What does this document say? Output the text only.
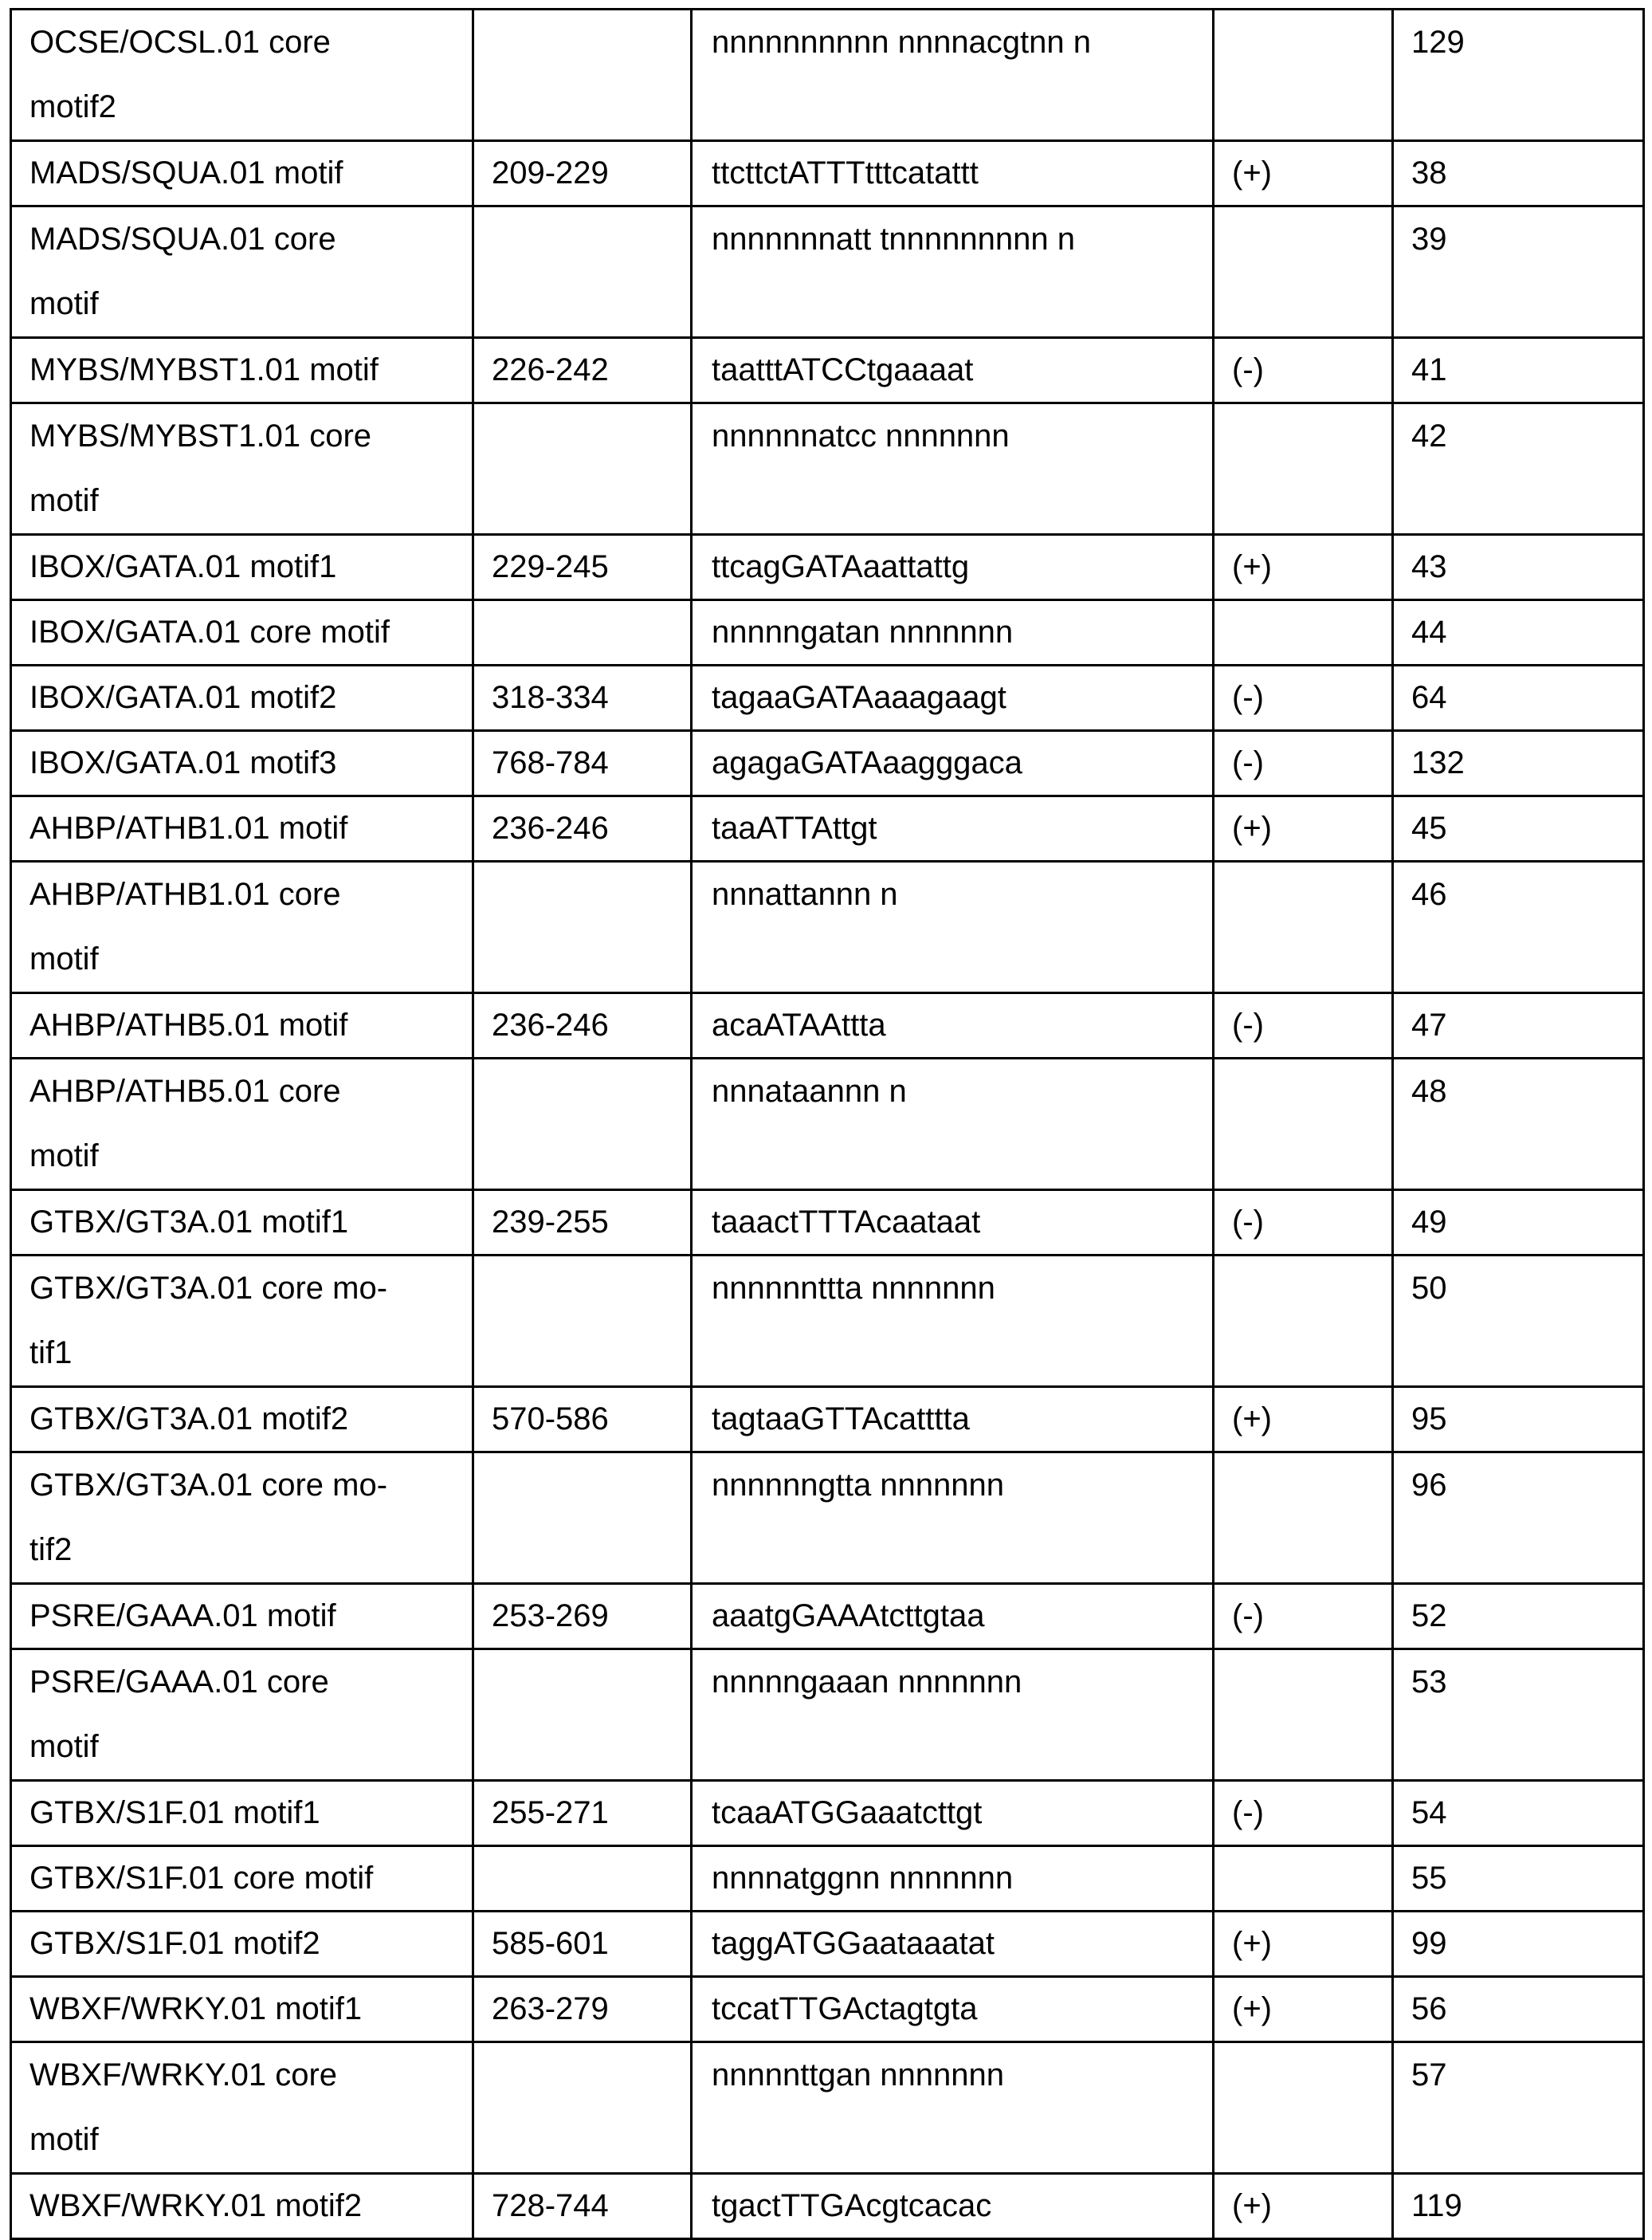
OCSE/OCSL.01 core
motif2		nnnnnnnnnn nnnnacgtnn n		129
MADS/SQUA.01 motif	209-229	ttcttctATTTtttcatattt	(+)	38
MADS/SQUA.01 core
motif		nnnnnnnatt tnnnnnnnnn n		39
MYBS/MYBST1.01 motif	226-242	taatttATCCtgaaaat	(-)	41
MYBS/MYBST1.01 core
motif		nnnnnnatcc nnnnnnn		42
IBOX/GATA.01 motif1	229-245	ttcagGATAaattattg	(+)	43
IBOX/GATA.01 core motif		nnnnngatan nnnnnnn		44
IBOX/GATA.01 motif2	318-334	tagaaGATAaaagaagt	(-)	64
IBOX/GATA.01 motif3	768-784	agagaGATAaagggaca	(-)	132
AHBP/ATHB1.01 motif	236-246	taaATTAttgt	(+)	45
AHBP/ATHB1.01 core
motif		nnnattannn n		46
AHBP/ATHB5.01 motif	236-246	acaATAAttta	(-)	47
AHBP/ATHB5.01 core
motif		nnnataannn n		48
GTBX/GT3A.01 motif1	239-255	taaactTTTAcaataat	(-)	49
GTBX/GT3A.01 core mo-
tif1		nnnnnnttta nnnnnnn		50
GTBX/GT3A.01 motif2	570-586	tagtaaGTTAcatttta	(+)	95
GTBX/GT3A.01 core mo-
tif2		nnnnnngtta nnnnnnn		96
PSRE/GAAA.01 motif	253-269	aaatgGAAAtcttgtaa	(-)	52
PSRE/GAAA.01 core
motif		nnnnngaaan nnnnnnn		53
GTBX/S1F.01 motif1	255-271	tcaaATGGaaatcttgt	(-)	54
GTBX/S1F.01 core motif		nnnnatggnn nnnnnnn		55
GTBX/S1F.01 motif2	585-601	taggATGGaataaatat	(+)	99
WBXF/WRKY.01 motif1	263-279	tccatTTGActagtgta	(+)	56
WBXF/WRKY.01 core
motif		nnnnnttgan nnnnnnn		57
WBXF/WRKY.01 motif2	728-744	tgactTTGAcgtcacac	(+)	119
